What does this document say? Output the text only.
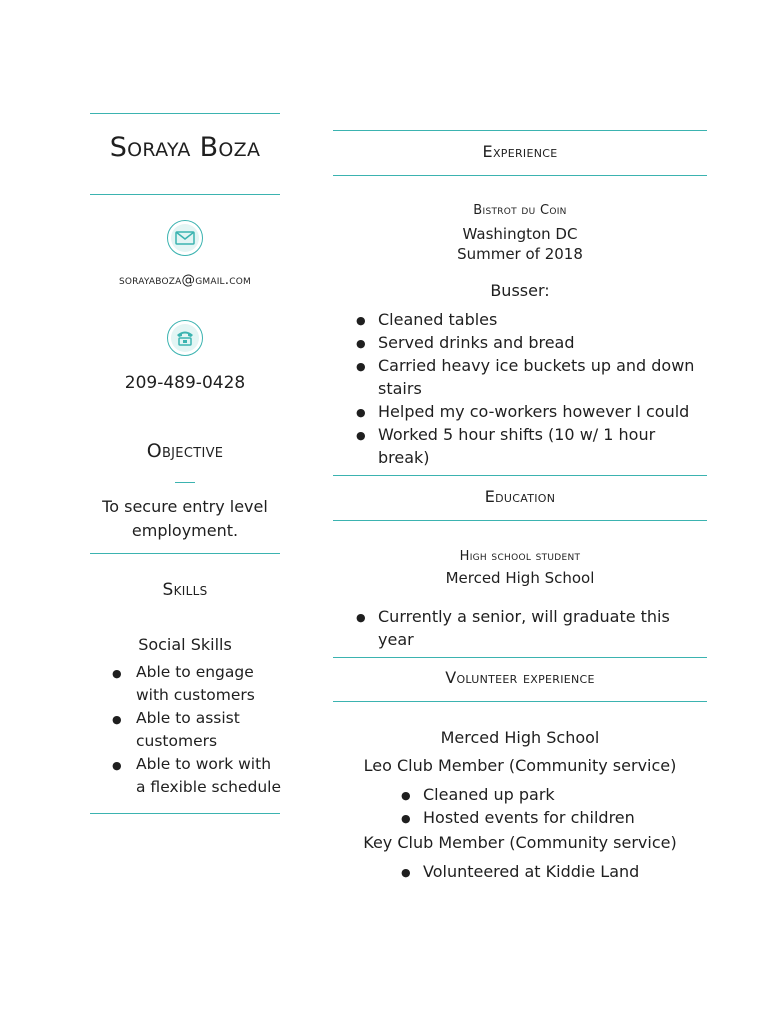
Soraya Boza
sorayaboza@gmail.com
209-489-0428
Objective
To secure entry level employment.
Skills
Social Skills
● Able to engage with customers
● Able to assist customers
● Able to work with a flexible schedule
Experience
Bistrot du Coin
Washington DC
Summer of 2018
Busser:
● Cleaned tables
● Served drinks and bread
● Carried heavy ice buckets up and down stairs
● Helped my co-workers however I could
● Worked 5 hour shifts (10 w/ 1 hour break)
Education
High school student
Merced High School
● Currently a senior, will graduate this year
Volunteer experience
Merced High School
Leo Club Member (Community service)
● Cleaned up park
● Hosted events for children
Key Club Member (Community service)
● Volunteered at Kiddie Land
